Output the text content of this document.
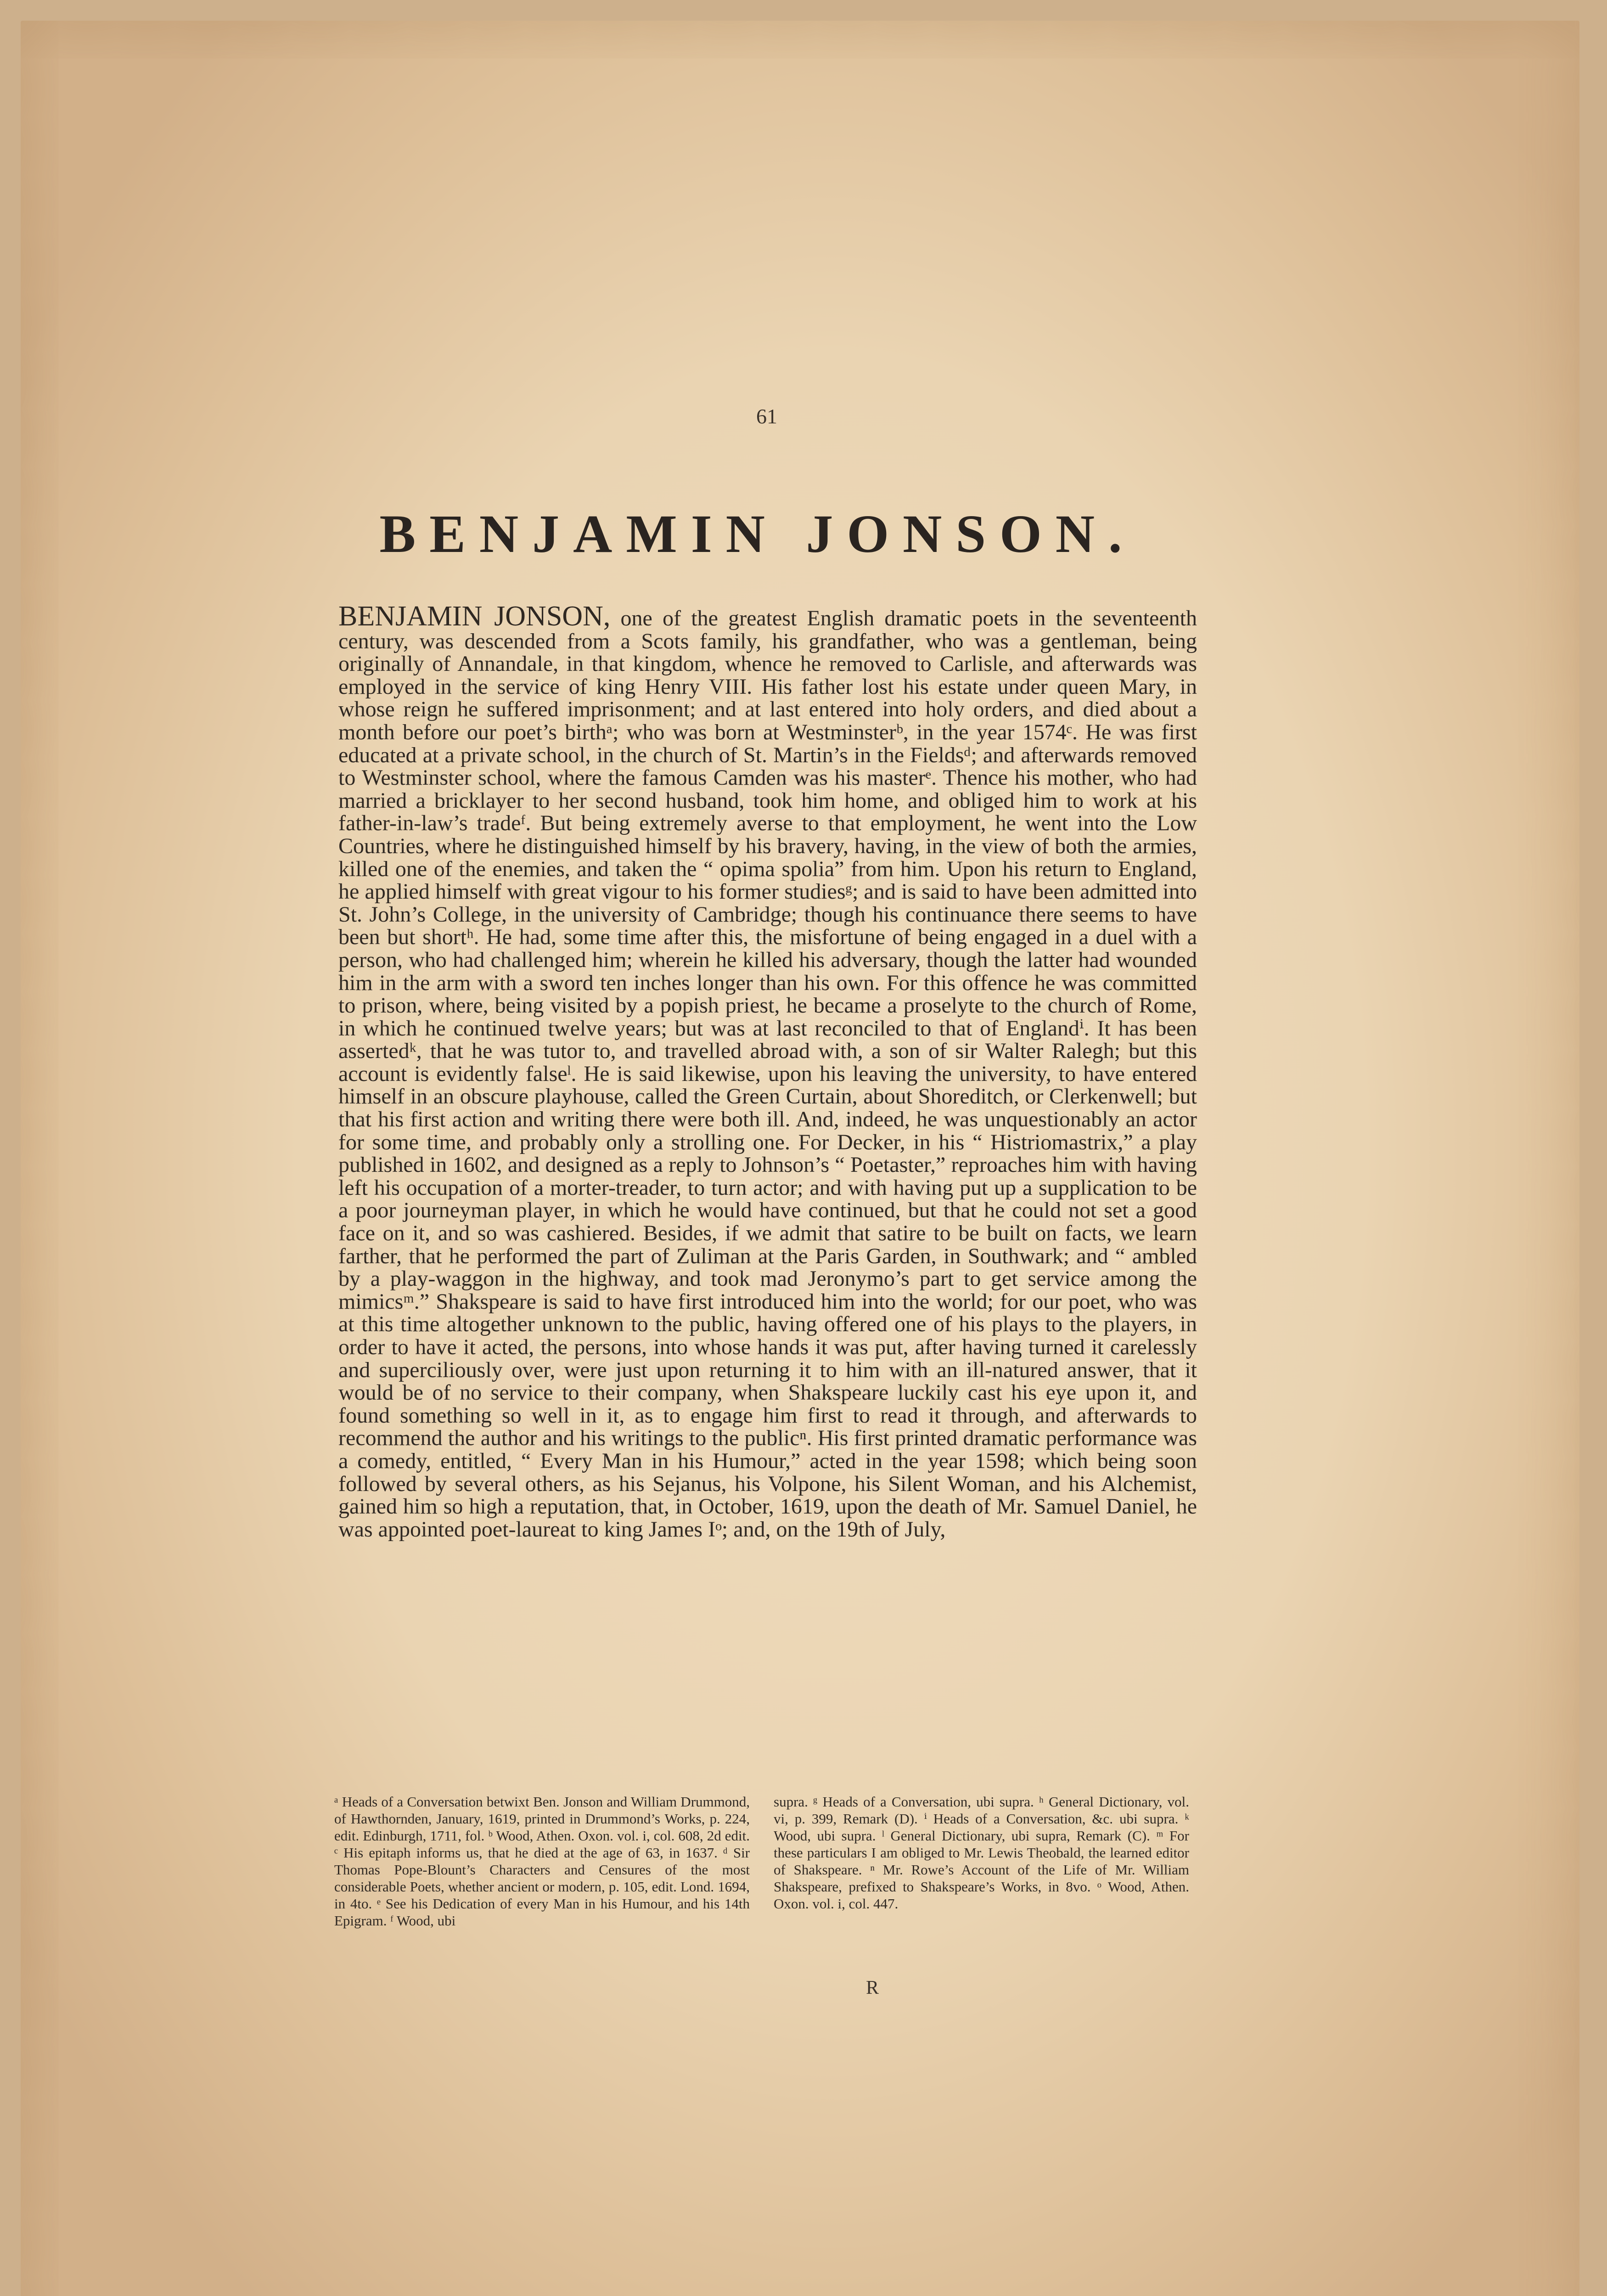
61
BENJAMIN JONSON.

BENJAMIN JONSON, one of the greatest English dramatic poets in the seventeenth century, was descended from a Scots family, his grandfather, who was a gentleman, being originally of Annandale, in that kingdom, whence he removed to Carlisle, and afterwards was employed in the service of king Henry VIII. His father lost his estate under queen Mary, in whose reign he suffered imprisonment; and at last entered into holy orders, and died about a month before our poet’s birthᵃ; who was born at Westminsterᵇ, in the year 1574ᶜ. He was first educated at a private school, in the church of St. Martin’s in the Fieldsᵈ; and afterwards removed to Westminster school, where the famous Camden was his masterᵉ. Thence his mother, who had married a bricklayer to her second husband, took him home, and obliged him to work at his father-in-law’s tradeᶠ. But being extremely averse to that employment, he went into the Low Countries, where he distinguished himself by his bravery, having, in the view of both the armies, killed one of the enemies, and taken the “ opima spolia” from him. Upon his return to England, he applied himself with great vigour to his former studiesᵍ; and is said to have been admitted into St. John’s College, in the university of Cambridge; though his continuance there seems to have been but shortʰ. He had, some time after this, the misfortune of being engaged in a duel with a person, who had challenged him; wherein he killed his adversary, though the latter had wounded him in the arm with a sword ten inches longer than his own. For this offence he was committed to prison, where, being visited by a popish priest, he became a proselyte to the church of Rome, in which he continued twelve years; but was at last reconciled to that of Englandⁱ. It has been assertedᵏ, that he was tutor to, and travelled abroad with, a son of sir Walter Ralegh; but this account is evidently falseˡ. He is said likewise, upon his leaving the university, to have entered himself in an obscure playhouse, called the Green Curtain, about Shoreditch, or Clerkenwell; but that his first action and writing there were both ill. And, indeed, he was unquestionably an actor for some time, and probably only a strolling one. For Decker, in his “ Histriomastrix,” a play published in 1602, and designed as a reply to Johnson’s “ Poetaster,” reproaches him with having left his occupation of a morter-treader, to turn actor; and with having put up a supplication to be a poor journeyman player, in which he would have continued, but that he could not set a good face on it, and so was cashiered. Besides, if we admit that satire to be built on facts, we learn farther, that he performed the part of Zuliman at the Paris Garden, in Southwark; and “ ambled by a play-waggon in the highway, and took mad Jeronymo’s part to get service among the mimicsᵐ.” Shakspeare is said to have first introduced him into the world; for our poet, who was at this time altogether unknown to the public, having offered one of his plays to the players, in order to have it acted, the persons, into whose hands it was put, after having turned it carelessly and superciliously over, were just upon returning it to him with an ill-natured answer, that it would be of no service to their company, when Shakspeare luckily cast his eye upon it, and found something so well in it, as to engage him first to read it through, and afterwards to recommend the author and his writings to the publicⁿ. His first printed dramatic performance was a comedy, entitled, “ Every Man in his Humour,” acted in the year 1598; which being soon followed by several others, as his Sejanus, his Volpone, his Silent Woman, and his Alchemist, gained him so high a reputation, that, in October, 1619, upon the death of Mr. Samuel Daniel, he was appointed poet-laureat to king James Iᵒ; and, on the 19th of July,

ᵃ Heads of a Conversation betwixt Ben. Jonson and William Drummond, of Hawthornden, January, 1619, printed in Drummond’s Works, p. 224, edit. Edinburgh, 1711, fol. ᵇ Wood, Athen. Oxon. vol. i, col. 608, 2d edit. ᶜ His epitaph informs us, that he died at the age of 63, in 1637. ᵈ Sir Thomas Pope-Blount’s Characters and Censures of the most considerable Poets, whether ancient or modern, p. 105, edit. Lond. 1694, in 4to. ᵉ See his Dedication of every Man in his Humour, and his 14th Epigram. ᶠ Wood, ubi

supra. ᵍ Heads of a Conversation, ubi supra. ʰ General Dictionary, vol. vi, p. 399, Remark (D). ⁱ Heads of a Conversation, &c. ubi supra. ᵏ Wood, ubi supra. ˡ General Dictionary, ubi supra, Remark (C). ᵐ For these particulars I am obliged to Mr. Lewis Theobald, the learned editor of Shakspeare. ⁿ Mr. Rowe’s Account of the Life of Mr. William Shakspeare, prefixed to Shakspeare’s Works, in 8vo. ᵒ Wood, Athen. Oxon. vol. i, col. 447.

R
